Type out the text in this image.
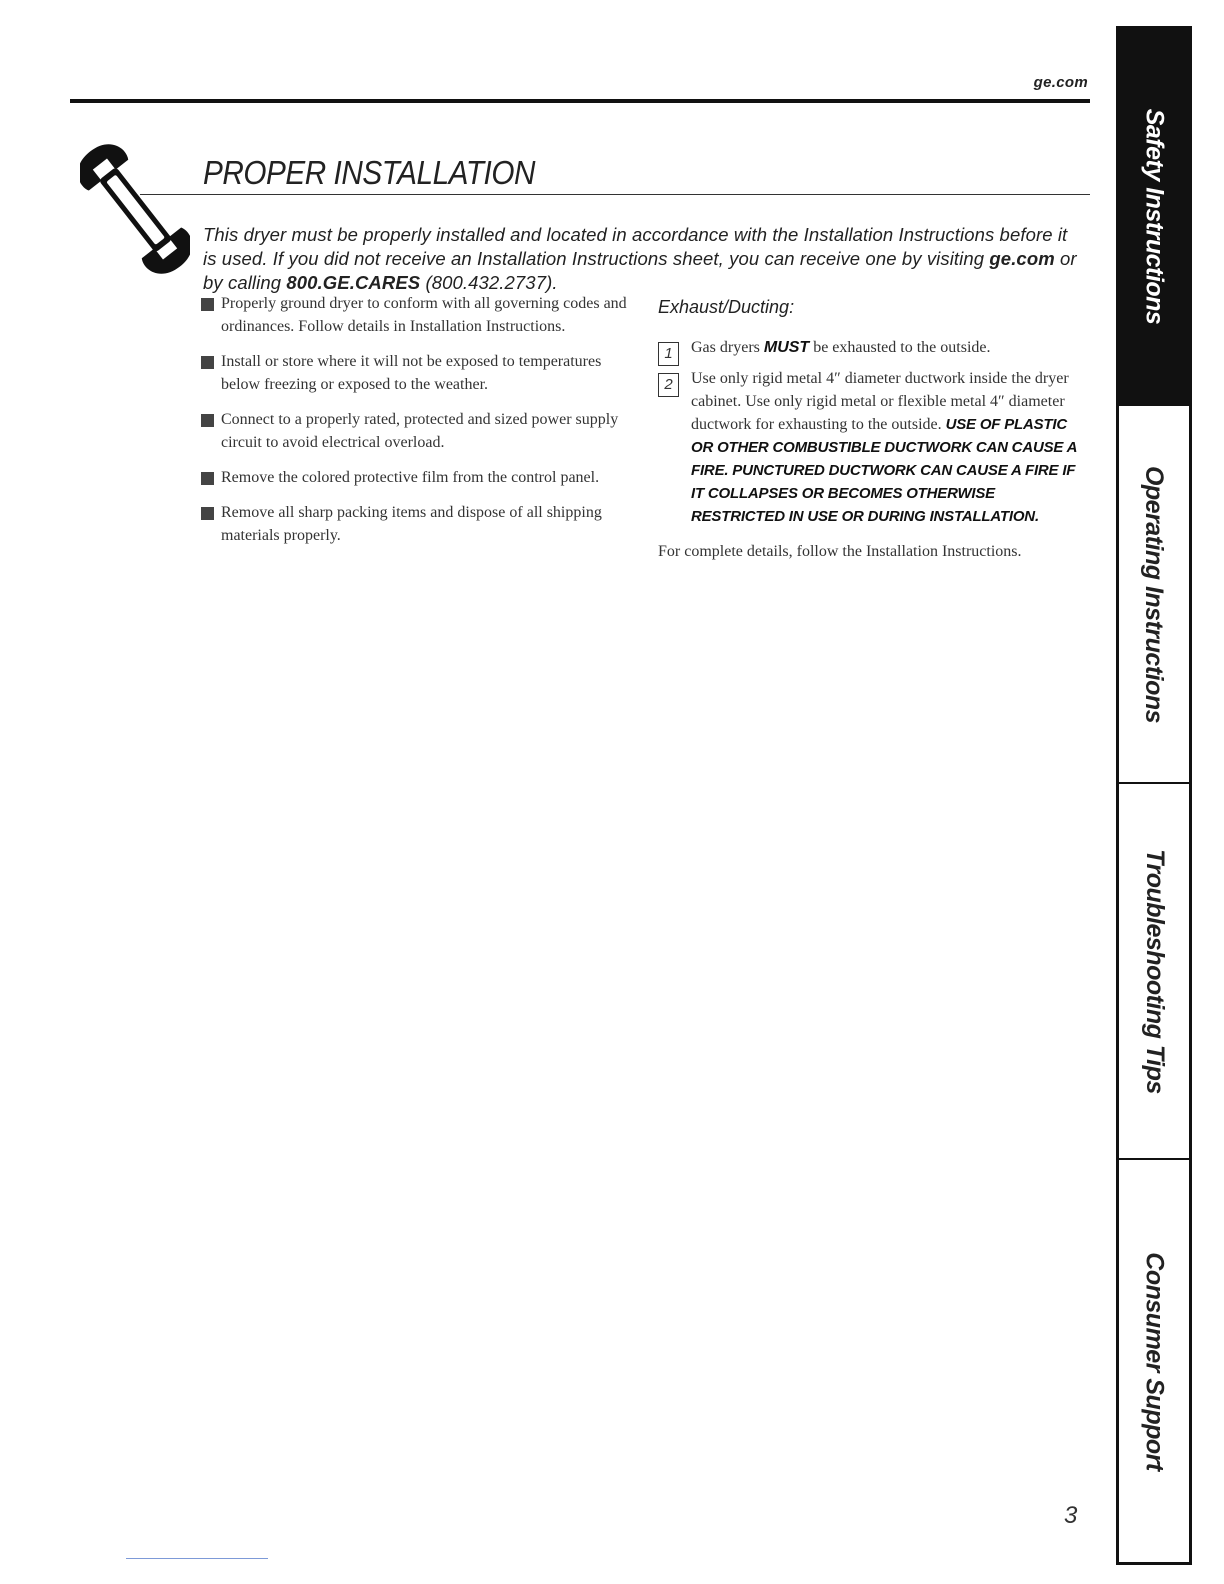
ge.com
PROPER INSTALLATION

This dryer must be properly installed and located in accordance with the Installation Instructions before it is used. If you did not receive an Installation Instructions sheet, you can receive one by visiting ge.com or by calling 800.GE.CARES (800.432.2737).

Properly ground dryer to conform with all governing codes and ordinances. Follow details in Installation Instructions.

Install or store where it will not be exposed to temperatures below freezing or exposed to the weather.

Connect to a properly rated, protected and sized power supply circuit to avoid electrical overload.

Remove the colored protective film from the control panel.

Remove all sharp packing items and dispose of all shipping materials properly.

Exhaust/Ducting:

1	Gas dryers MUST be exhausted to the outside.

2	Use only rigid metal 4″ diameter ductwork inside the dryer cabinet. Use only rigid metal or flexible metal 4″ diameter ductwork for exhausting to the outside. USE OF PLASTIC OR OTHER COMBUSTIBLE DUCTWORK CAN CAUSE A FIRE. PUNCTURED DUCTWORK CAN CAUSE A FIRE IF IT COLLAPSES OR BECOMES OTHERWISE RESTRICTED IN USE OR DURING INSTALLATION.

For complete details, follow the Installation Instructions.

Safety Instructions
Operating Instructions
Troubleshooting Tips
Consumer Support
3
